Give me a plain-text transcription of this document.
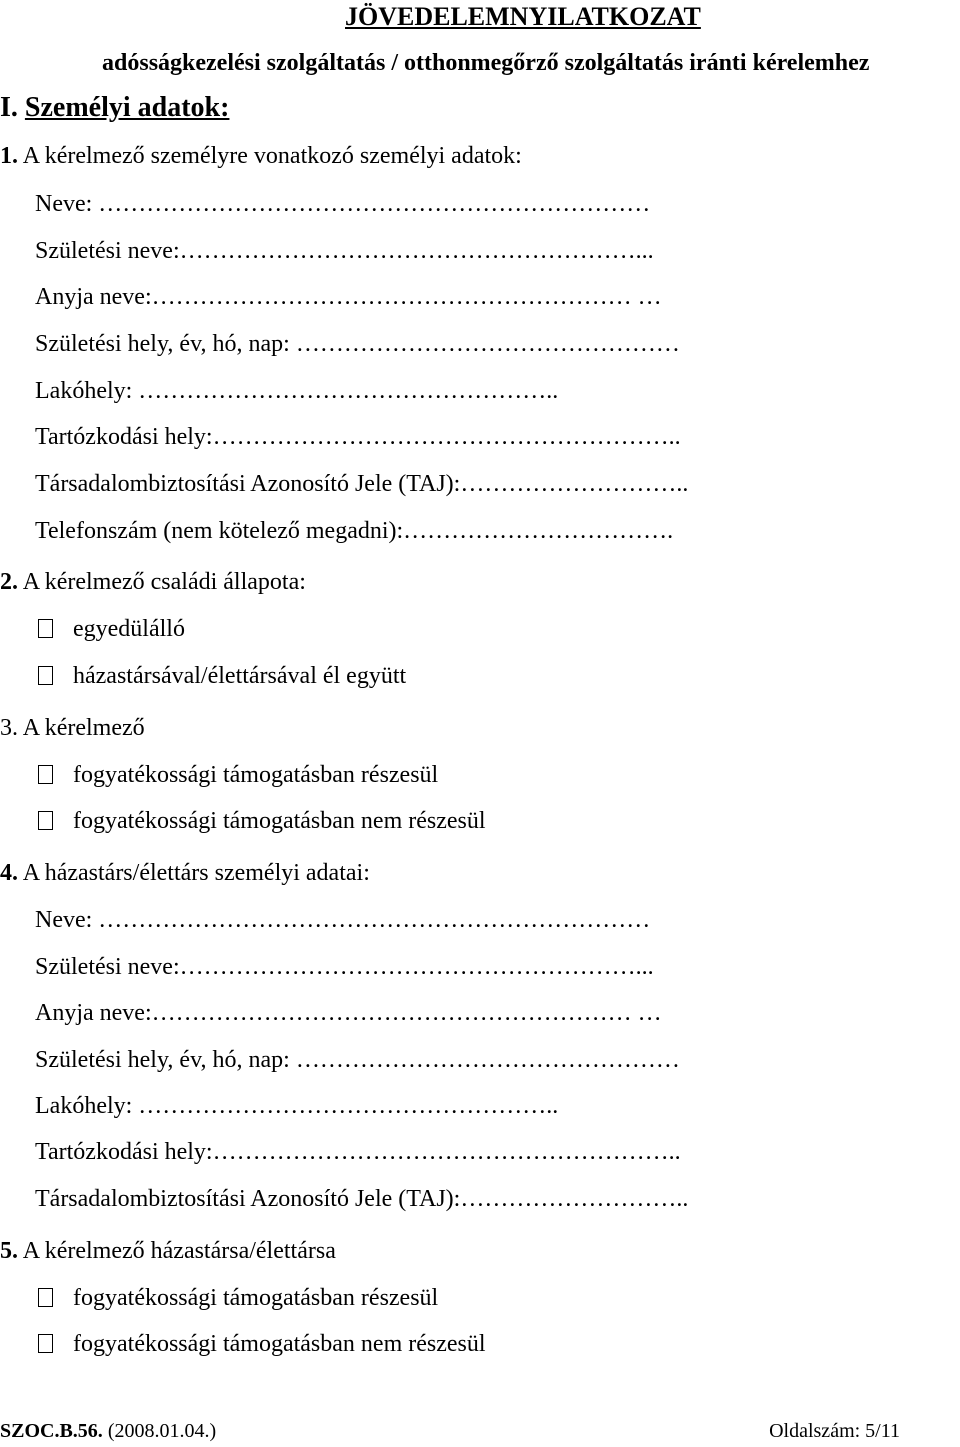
JÖVEDELEMNYILATKOZAT
adósságkezelési szolgáltatás / otthonmegőrző szolgáltatás iránti kérelemhez
I. Személyi adatok:
1. A kérelmező személyre vonatkozó személyi adatok:
Neve: ……………………………………………………………
Születési neve:…………………………………………………...
Anyja neve:…………………………………………………… …
Születési hely, év, hó, nap: …………………………………………
Lakóhely: ……………………………………………..
Tartózkodási hely:…………………………………………………..
Társadalombiztosítási Azonosító Jele (TAJ):………………………..
Telefonszám (nem kötelező megadni):…………………………….
2. A kérelmező családi állapota:
egyedülálló
házastársával/élettársával él együtt
3. A kérelmező
fogyatékossági támogatásban részesül
fogyatékossági támogatásban nem részesül
4. A házastárs/élettárs személyi adatai:
Neve: ……………………………………………………………
Születési neve:…………………………………………………...
Anyja neve:…………………………………………………… …
Születési hely, év, hó, nap: …………………………………………
Lakóhely: ……………………………………………..
Tartózkodási hely:…………………………………………………..
Társadalombiztosítási Azonosító Jele (TAJ):………………………..
5. A kérelmező házastársa/élettársa
fogyatékossági támogatásban részesül
fogyatékossági támogatásban nem részesül
SZOC.B.56. (2008.01.04.)	Oldalszám: 5/11
